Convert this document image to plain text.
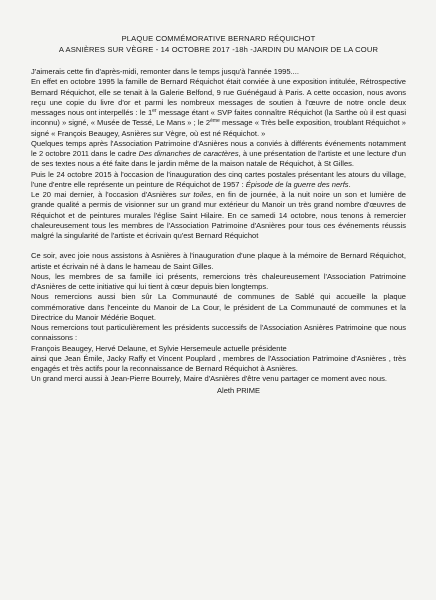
PLAQUE COMMÉMORATIVE BERNARD RÉQUICHOT

A ASNIÈRES SUR VÈGRE - 14 OCTOBRE 2017 -18h -JARDIN DU MANOIR DE LA COUR

J'aimerais cette fin d'après-midi, remonter dans le temps jusqu'à l'année 1995....

En effet en octobre 1995 la famille de Bernard Réquichot était conviée à une exposition intitulée, Rétrospective Bernard Réquichot, elle se tenait à la Galerie Belfond, 9 rue Guénégaud à Paris. A cette occasion, nous avons reçu une copie du livre d'or et parmi les nombreux messages de soutien à l'œuvre de notre oncle deux messages nous ont interpellés : le 1er message étant « SVP faites connaître Réquichot (la Sarthe où il est quasi inconnu) » signé, « Musée de Tessé, Le Mans » ; le 2ème message « Très belle exposition, troublant Réquichot » signé « François Beaugey, Asnières sur Vègre, où est né Réquichot. »

Quelques temps après l'Association Patrimoine d'Asnières nous a conviés à différents événements notamment le 2 octobre 2011 dans le cadre Des dimanches de caractères, à une présentation de l'artiste et une lecture d'un de ses textes nous a été faite dans le jardin même de la maison natale de Réquichot, à St Gilles.

Puis le 24 octobre 2015 à l'occasion de l'inauguration des cinq cartes postales présentant les atours du village, l'une d'entre elle représente un peinture de Réquichot de 1957 : Épisode de la guerre des nerfs.

Le 20 mai dernier, à l'occasion d'Asnières sur toiles, en fin de journée, à la nuit noire un son et lumière de grande qualité a permis de visionner sur un grand mur extérieur du Manoir un très grand nombre d'œuvres de Réquichot et de peintures murales l'église Saint Hilaire. En ce samedi 14 octobre, nous tenons à remercier chaleureusement tous les membres de l'Association Patrimoine d'Asnières pour tous ces événements réussis malgré la singularité de l'artiste et écrivain qu'est Bernard Réquichot

Ce soir, avec joie nous assistons à Asnières à l'inauguration d'une plaque à la mémoire de Bernard Réquichot, artiste et écrivain né à dans le hameau de Saint Gilles.

Nous, les membres de sa famille ici présents, remercions très chaleureusement l'Association Patrimoine d'Asnières de cette initiative qui lui tient à cœur depuis bien longtemps.

Nous remercions aussi bien sûr La Communauté de communes de Sablé qui accueille la plaque commémorative dans l'enceinte du Manoir de La Cour, le président de La Communauté de communes et la Directrice du Manoir Médérie Boquet.

Nous remercions tout particulièrement les présidents successifs de l'Association Asnières Patrimoine que nous connaissons :

François Beaugey, Hervé Delaune, et Sylvie Hersemeule actuelle présidente

ainsi que Jean Émile, Jacky Raffy et Vincent Pouplard , membres de l'Association Patrimoine d'Asnières , très engagés et très actifs pour la reconnaissance de Bernard Réquichot à Asnières.

Un grand merci aussi à Jean-Pierre Bourrely, Maire d'Asnières d'être venu partager ce moment avec nous.

Aleth PRIME
